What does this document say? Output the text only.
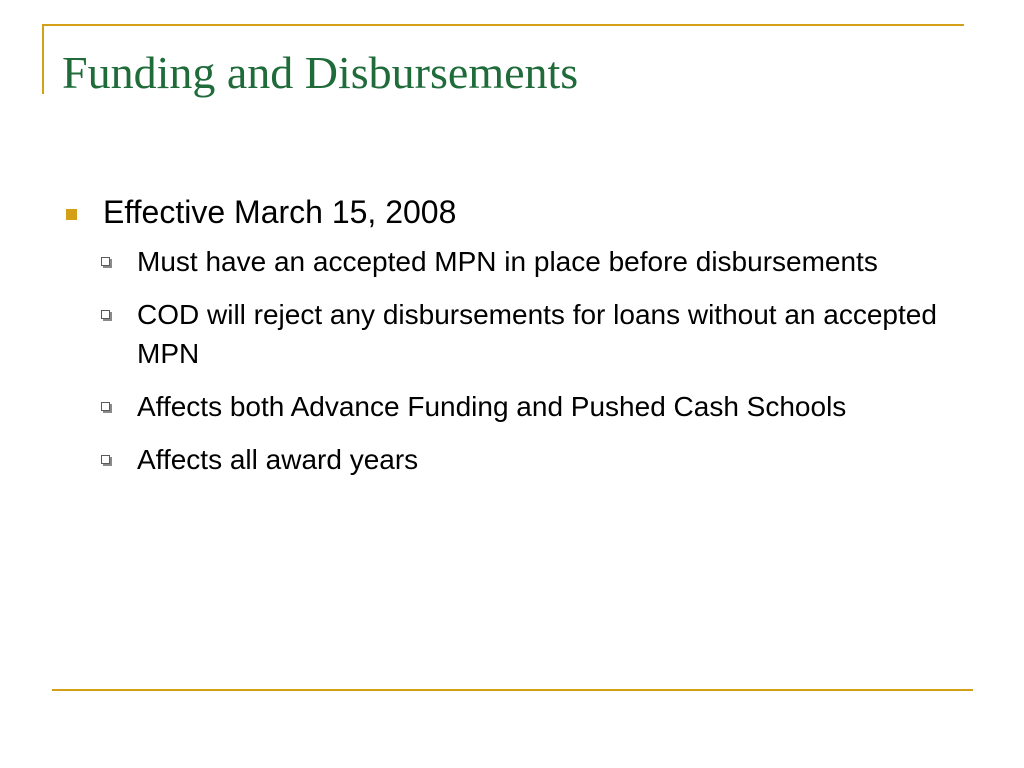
Funding and Disbursements
Effective March 15, 2008
Must have an accepted MPN in place before disbursements
COD will reject any disbursements for loans without an accepted MPN
Affects both Advance Funding and Pushed Cash Schools
Affects all award years
